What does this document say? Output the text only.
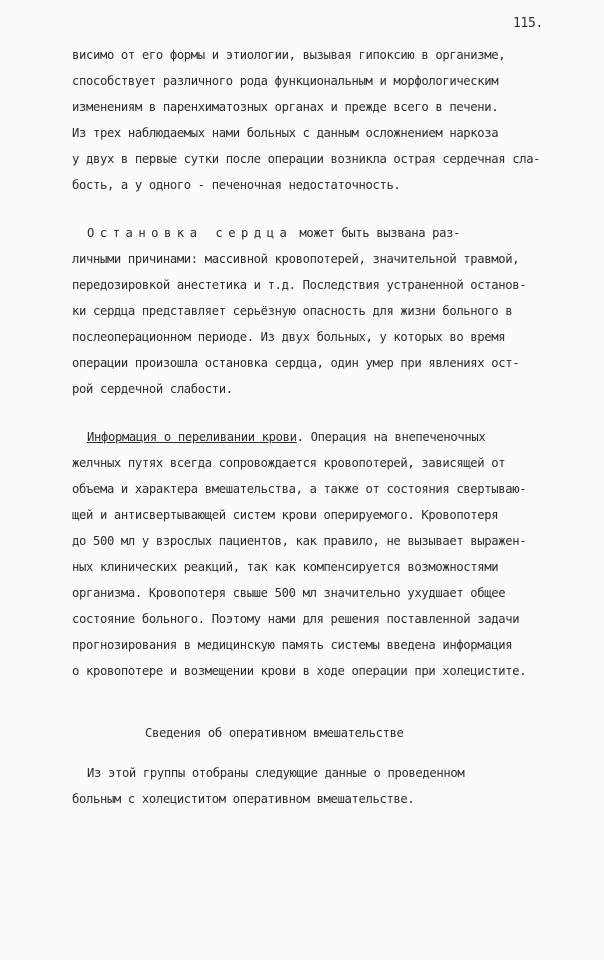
115.
висимо от его формы и этиологии, вызывая гипоксию в организме,
способствует различного рода функциональным и морфологическим
изменениям в паренхиматозных органах и прежде всего в печени.
Из трех наблюдаемых нами больных с данным осложнением наркоза
у двух в первые сутки после операции возникла острая сердечная сла-
бость, а у одного - печеночная недостаточность.
Остановка сердца может быть вызвана раз-
личными причинами: массивной кровопотерей, значительной травмой,
передозировкой анестетика и т.д. Последствия устраненной останов-
ки сердца представляет серьёзную опасность для жизни больного в
послеоперационном периоде. Из двух больных, у которых во время
операции произошла остановка сердца, один умер при явлениях ост-
рой сердечной слабости.
Информация о переливании крови. Операция на внепеченочных
желчных путях всегда сопровождается кровопотерей, зависящей от
объема и характера вмешательства, а также от состояния свертываю-
щей и антисвертывающей систем крови оперируемого. Кровопотеря
до 500 мл у взрослых пациентов, как правило, не вызывает выражен-
ных клинических реакций, так как компенсируется возможностями
организма. Кровопотеря свыше 500 мл значительно ухудшает общее
состояние больного. Поэтому нами для решения поставленной задачи
прогнозирования в медицинскую память системы введена информация
о кровопотере и возмещении крови в ходе операции при холецистите.
Сведения об оперативном вмешательстве
Из этой группы отобраны следующие данные о проведенном
больным с холециститом оперативном вмешательстве.
